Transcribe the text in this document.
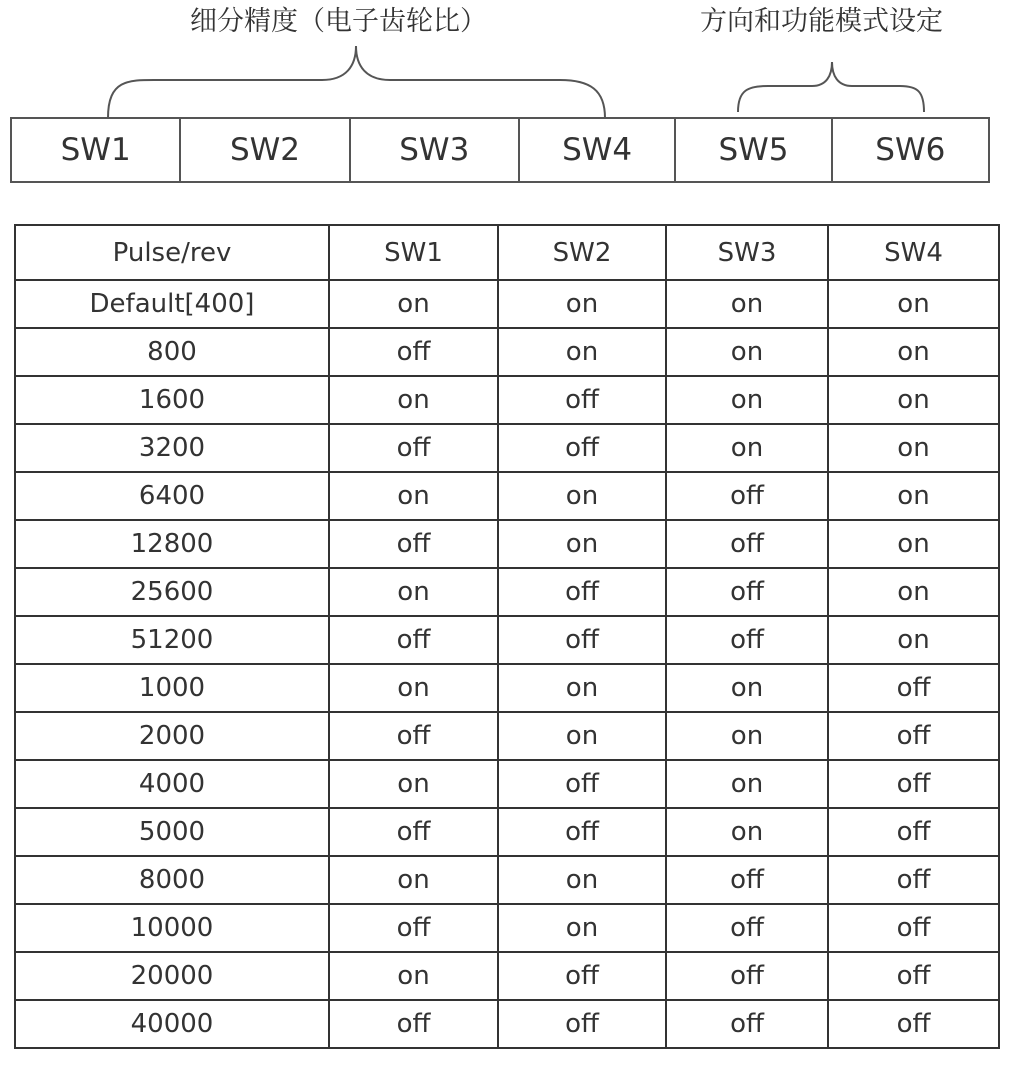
细分精度（电子齿轮比）	方向和功能模式设定
SW1	SW2	SW3	SW4	SW5	SW6
Pulse/rev	SW1	SW2	SW3	SW4
Default[400]	on	on	on	on
800	off	on	on	on
1600	on	off	on	on
3200	off	off	on	on
6400	on	on	off	on
12800	off	on	off	on
25600	on	off	off	on
51200	off	off	off	on
1000	on	on	on	off
2000	off	on	on	off
4000	on	off	on	off
5000	off	off	on	off
8000	on	on	off	off
10000	off	on	off	off
20000	on	off	off	off
40000	off	off	off	off
